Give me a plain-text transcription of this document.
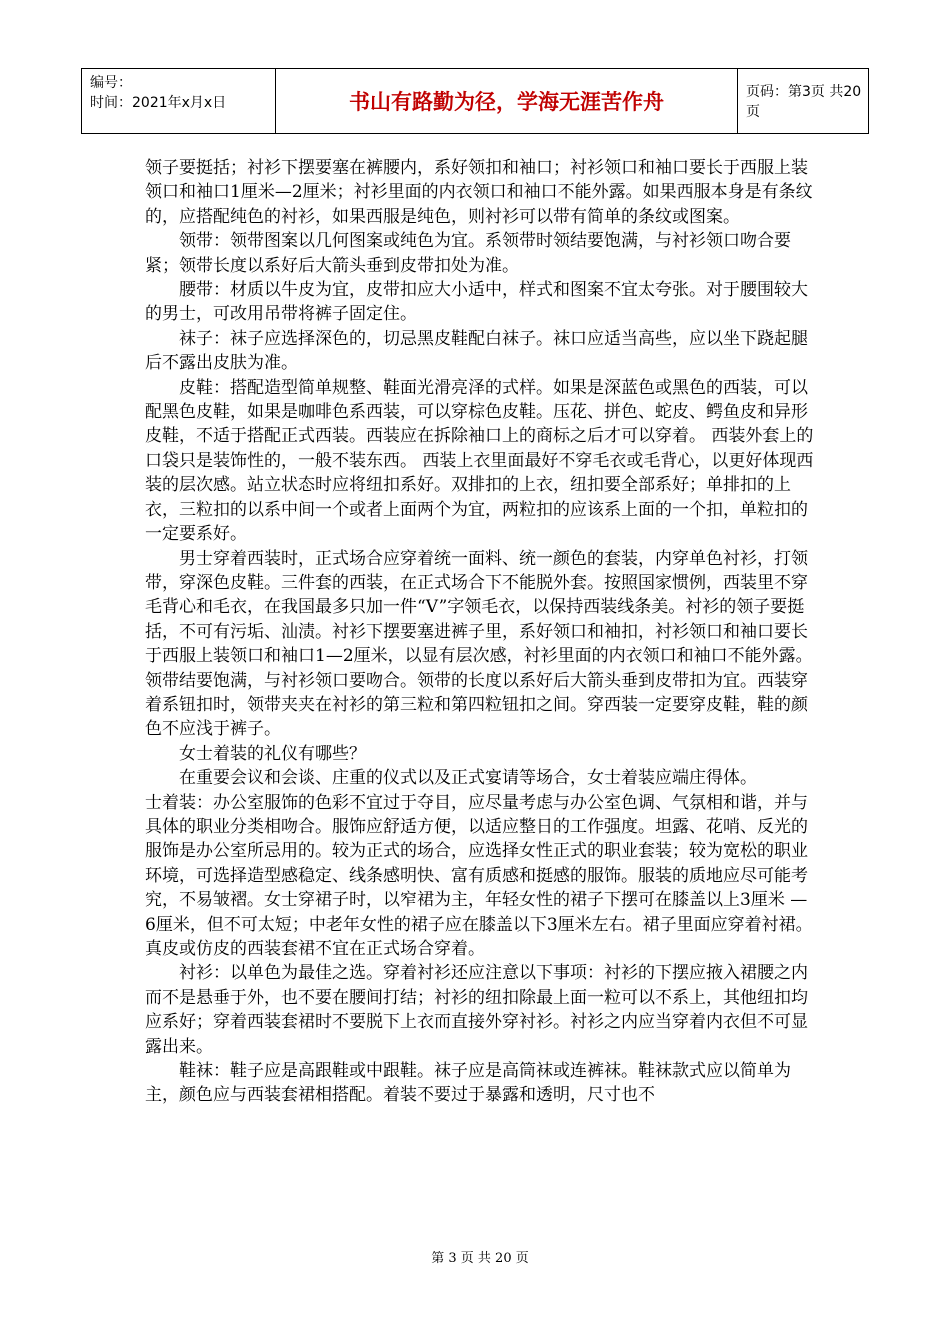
编号：
时间：2021年x月x日	书山有路勤为径，学海无涯苦作舟	页码：第3页 共20页

领子要挺括；衬衫下摆要塞在裤腰内，系好领扣和袖口；衬衫领口和袖口要长于西服上装领口和袖口1厘米—2厘米；衬衫里面的内衣领口和袖口不能外露。如果西服本身是有条纹的，应搭配纯色的衬衫，如果西服是纯色，则衬衫可以带有简单的条纹或图案。

领带：领带图案以几何图案或纯色为宜。系领带时领结要饱满，与衬衫领口吻合要紧；领带长度以系好后大箭头垂到皮带扣处为准。

腰带：材质以牛皮为宜，皮带扣应大小适中，样式和图案不宜太夸张。对于腰围较大的男士，可改用吊带将裤子固定住。

袜子：袜子应选择深色的，切忌黑皮鞋配白袜子。袜口应适当高些，应以坐下跷起腿后不露出皮肤为准。

皮鞋：搭配造型简单规整、鞋面光滑亮泽的式样。如果是深蓝色或黑色的西装，可以配黑色皮鞋，如果是咖啡色系西装，可以穿棕色皮鞋。压花、拼色、蛇皮、鳄鱼皮和异形皮鞋，不适于搭配正式西装。西装应在拆除袖口上的商标之后才可以穿着。 西装外套上的口袋只是装饰性的，一般不装东西。 西装上衣里面最好不穿毛衣或毛背心，以更好体现西装的层次感。站立状态时应将纽扣系好。双排扣的上衣，纽扣要全部系好；单排扣的上衣，三粒扣的以系中间一个或者上面两个为宜，两粒扣的应该系上面的一个扣，单粒扣的一定要系好。

男士穿着西装时，正式场合应穿着统一面料、统一颜色的套装，内穿单色衬衫，打领带，穿深色皮鞋。三件套的西装，在正式场合下不能脱外套。按照国家惯例，西装里不穿毛背心和毛衣，在我国最多只加一件“V”字领毛衣，以保持西装线条美。衬衫的领子要挺括，不可有污垢、汕渍。衬衫下摆要塞进裤子里，系好领口和袖扣，衬衫领口和袖口要长于西服上装领口和袖口1—2厘米，以显有层次感，衬衫里面的内衣领口和袖口不能外露。领带结要饱满，与衬衫领口要吻合。领带的长度以系好后大箭头垂到皮带扣为宜。西装穿着系钮扣时，领带夹夹在衬衫的第三粒和第四粒钮扣之间。穿西装一定要穿皮鞋，鞋的颜色不应浅于裤子。

女士着装的礼仪有哪些？

在重要会议和会谈、庄重的仪式以及正式宴请等场合，女士着装应端庄得体。

士着装：办公室服饰的色彩不宜过于夺目，应尽量考虑与办公室色调、气氛相和谐，并与具体的职业分类相吻合。服饰应舒适方便，以适应整日的工作强度。坦露、花哨、反光的服饰是办公室所忌用的。较为正式的场合，应选择女性正式的职业套装；较为宽松的职业环境，可选择造型感稳定、线条感明快、富有质感和挺感的服饰。服装的质地应尽可能考究，不易皱褶。女士穿裙子时，以窄裙为主，年轻女性的裙子下摆可在膝盖以上3厘米 — 6厘米，但不可太短；中老年女性的裙子应在膝盖以下3厘米左右。裙子里面应穿着衬裙。真皮或仿皮的西装套裙不宜在正式场合穿着。

衬衫：以单色为最佳之选。穿着衬衫还应注意以下事项：衬衫的下摆应掖入裙腰之内而不是悬垂于外，也不要在腰间打结；衬衫的纽扣除最上面一粒可以不系上，其他纽扣均应系好；穿着西装套裙时不要脱下上衣而直接外穿衬衫。衬衫之内应当穿着内衣但不可显露出来。

鞋袜：鞋子应是高跟鞋或中跟鞋。袜子应是高筒袜或连裤袜。鞋袜款式应以简单为主，颜色应与西装套裙相搭配。着装不要过于暴露和透明，尺寸也不

第 3 页 共 20 页
